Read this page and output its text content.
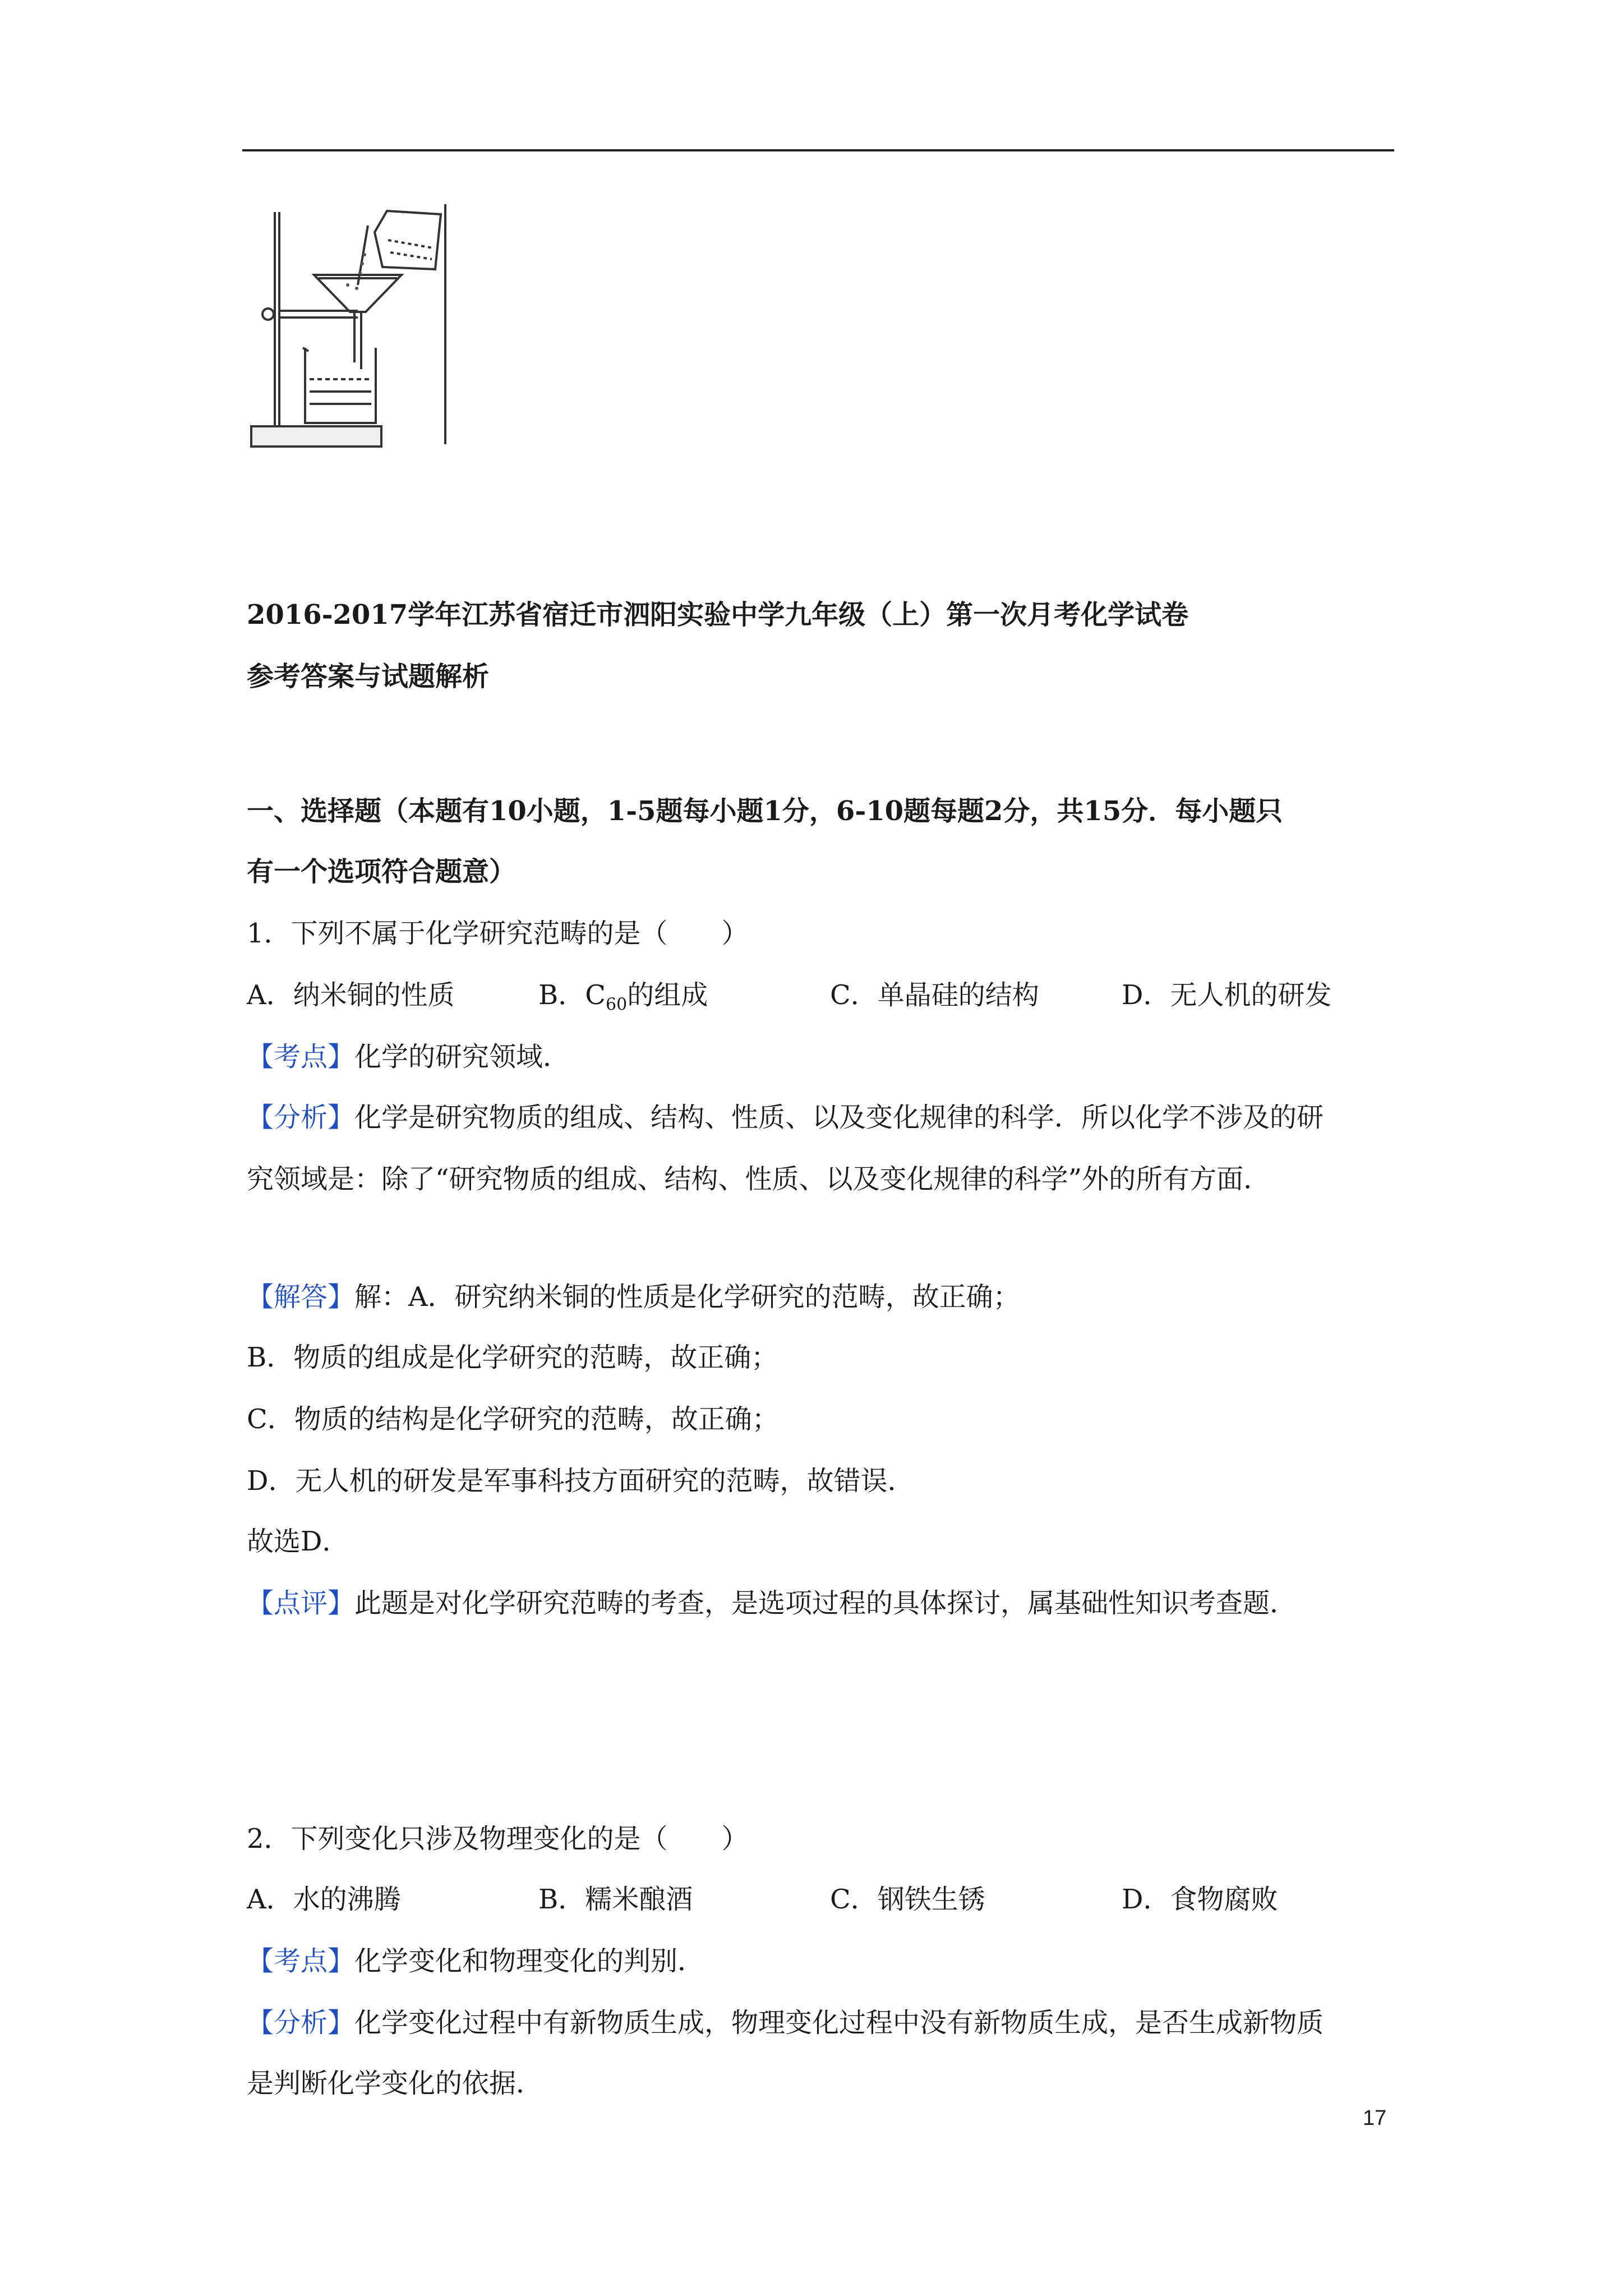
2016-2017学年江苏省宿迁市泗阳实验中学九年级（上）第一次月考化学试卷
参考答案与试题解析
一、选择题（本题有10小题，1-5题每小题1分，6-10题每题2分，共15分．每小题只
有一个选项符合题意）
1．下列不属于化学研究范畴的是（　　）
A．纳米铜的性质	B．$C_{60}$的组成	C．单晶硅的结构	D．无人机的研发
【考点】化学的研究领域．
【分析】化学是研究物质的组成、结构、性质、以及变化规律的科学．所以化学不涉及的研
究领域是：除了“研究物质的组成、结构、性质、以及变化规律的科学”外的所有方面．
【解答】解：A．研究纳米铜的性质是化学研究的范畴，故正确；
B．物质的组成是化学研究的范畴，故正确；
C．物质的结构是化学研究的范畴，故正确；
D．无人机的研发是军事科技方面研究的范畴，故错误．
故选D．
【点评】此题是对化学研究范畴的考查，是选项过程的具体探讨，属基础性知识考查题．
2．下列变化只涉及物理变化的是（　　）
A．水的沸腾	B．糯米酿酒	C．钢铁生锈	D．食物腐败
【考点】化学变化和物理变化的判别．
【分析】化学变化过程中有新物质生成，物理变化过程中没有新物质生成，是否生成新物质
是判断化学变化的依据．
17
